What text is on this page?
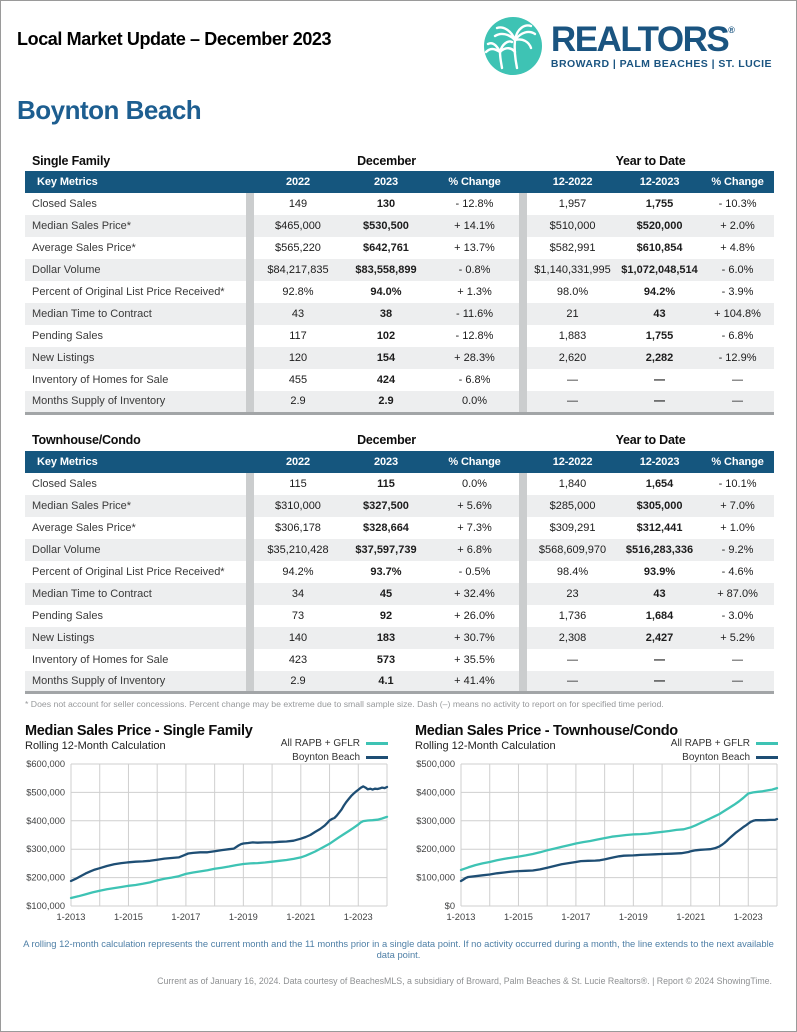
Local Market Update – December 2023	REALTORS®
BROWARD | PALM BEACHES | ST. LUCIE
Boynton Beach
Single Family		December				Year to Date		
Key Metrics		2022	2023	% Change		12-2022	12-2023	% Change
Closed Sales		149	130	- 12.8%		1,957	1,755	- 10.3%
Median Sales Price*		$465,000	$530,500	+ 14.1%		$510,000	$520,000	+ 2.0%
Average Sales Price*		$565,220	$642,761	+ 13.7%		$582,991	$610,854	+ 4.8%
Dollar Volume		$84,217,835	$83,558,899	- 0.8%		$1,140,331,995	$1,072,048,514	- 6.0%
Percent of Original List Price Received*		92.8%	94.0%	+ 1.3%		98.0%	94.2%	- 3.9%
Median Time to Contract		43	38	- 11.6%		21	43	+ 104.8%
Pending Sales		117	102	- 12.8%		1,883	1,755	- 6.8%
New Listings		120	154	+ 28.3%		2,620	2,282	- 12.9%
Inventory of Homes for Sale		455	424	- 6.8%		—	—	—
Months Supply of Inventory		2.9	2.9	0.0%		—	—	—
Townhouse/Condo		December				Year to Date		
Key Metrics		2022	2023	% Change		12-2022	12-2023	% Change
Closed Sales		115	115	0.0%		1,840	1,654	- 10.1%
Median Sales Price*		$310,000	$327,500	+ 5.6%		$285,000	$305,000	+ 7.0%
Average Sales Price*		$306,178	$328,664	+ 7.3%		$309,291	$312,441	+ 1.0%
Dollar Volume		$35,210,428	$37,597,739	+ 6.8%		$568,609,970	$516,283,336	- 9.2%
Percent of Original List Price Received*		94.2%	93.7%	- 0.5%		98.4%	93.9%	- 4.6%
Median Time to Contract		34	45	+ 32.4%		23	43	+ 87.0%
Pending Sales		73	92	+ 26.0%		1,736	1,684	- 3.0%
New Listings		140	183	+ 30.7%		2,308	2,427	+ 5.2%
Inventory of Homes for Sale		423	573	+ 35.5%		—	—	—
Months Supply of Inventory		2.9	4.1	+ 41.4%		—	—	—

* Does not account for seller concessions. Percent change may be extreme due to small sample size. Dash (–) means no activity to report on for specified time period.

Median Sales Price - Single Family
Rolling 12-Month Calculation	All RAPB + GFLR
Boynton Beach
$600,000
$500,000
$400,000
$300,000
$200,000
$100,000
1-2013	1-2015	1-2017	1-2019	1-2021	1-2023
Median Sales Price - Townhouse/Condo
Rolling 12-Month Calculation	All RAPB + GFLR
Boynton Beach
$500,000
$400,000
$300,000
$200,000
$100,000
$0
1-2013	1-2015	1-2017	1-2019	1-2021	1-2023

A rolling 12-month calculation represents the current month and the 11 months prior in a single data point. If no activity occurred during a month, the line extends to the next available data point.

Current as of January 16, 2024. Data courtesy of BeachesMLS, a subsidiary of Broward, Palm Beaches & St. Lucie Realtors®. | Report © 2024 ShowingTime.
